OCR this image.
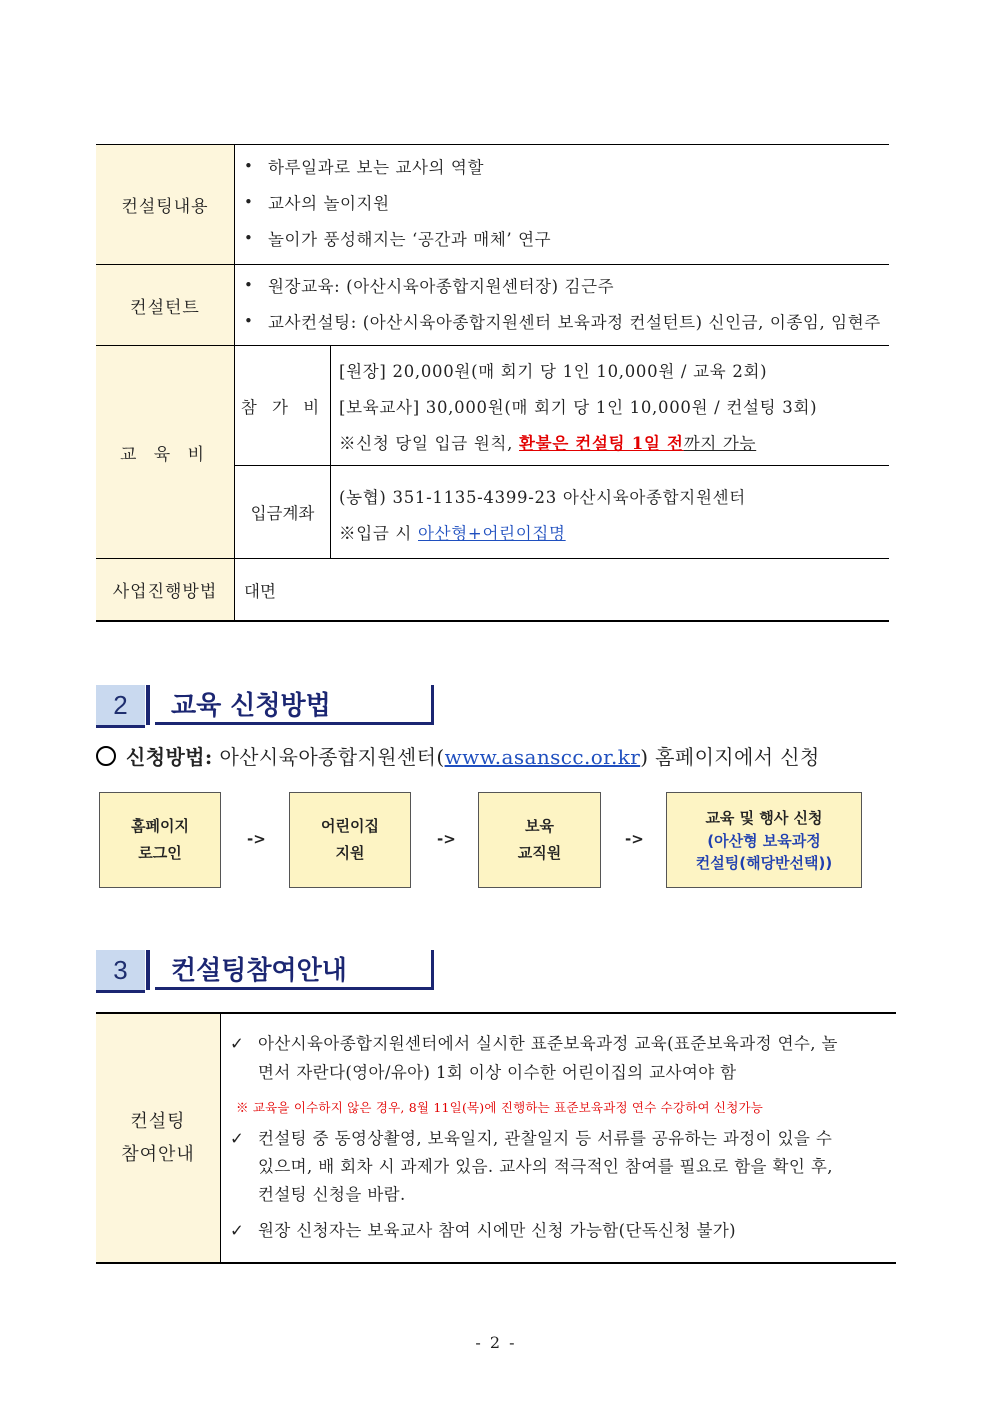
컨설팅내용
컨설턴트
교 육 비
사업진행방법
• 하루일과로 보는 교사의 역할
• 교사의 놀이지원
• 놀이가 풍성해지는 ‘공간과 매체’ 연구
• 원장교육: (아산시육아종합지원센터장) 김근주
• 교사컨설팅: (아산시육아종합지원센터 보육과정 컨설턴트) 신인금, 이종임, 임현주
참 가 비
[원장] 20,000원(매 회기 당 1인 10,000원 / 교육 2회)
[보육교사] 30,000원(매 회기 당 1인 10,000원 / 컨설팅 3회)
※신청 당일 입금 원칙, 환불은 컨설팅 1일 전까지 가능
입금계좌
(농협) 351-1135-4399-23 아산시육아종합지원센터
※입금 시 아산형+어린이집명
대면
2 교육 신청방법
신청방법: 아산시육아종합지원센터(www.asanscc.or.kr) 홈페이지에서 신청
홈페이지
로그인
->
어린이집
지원
->
보육
교직원
->
교육 및 행사 신청
(아산형 보육과정
컨설팅(해당반선택))
3 컨설팅참여안내
컨설팅
참여안내
✓ 아산시육아종합지원센터에서 실시한 표준보육과정 교육(표준보육과정 연수, 놀
면서 자란다(영아/유아) 1회 이상 이수한 어린이집의 교사여야 함
※ 교육을 이수하지 않은 경우, 8월 11일(목)에 진행하는 표준보육과정 연수 수강하여 신청가능
✓ 컨설팅 중 동영상촬영, 보육일지, 관찰일지 등 서류를 공유하는 과정이 있을 수
있으며, 배 회차 시 과제가 있음. 교사의 적극적인 참여를 필요로 함을 확인 후,
컨설팅 신청을 바람.
✓ 원장 신청자는 보육교사 참여 시에만 신청 가능함(단독신청 불가)
- 2 -
